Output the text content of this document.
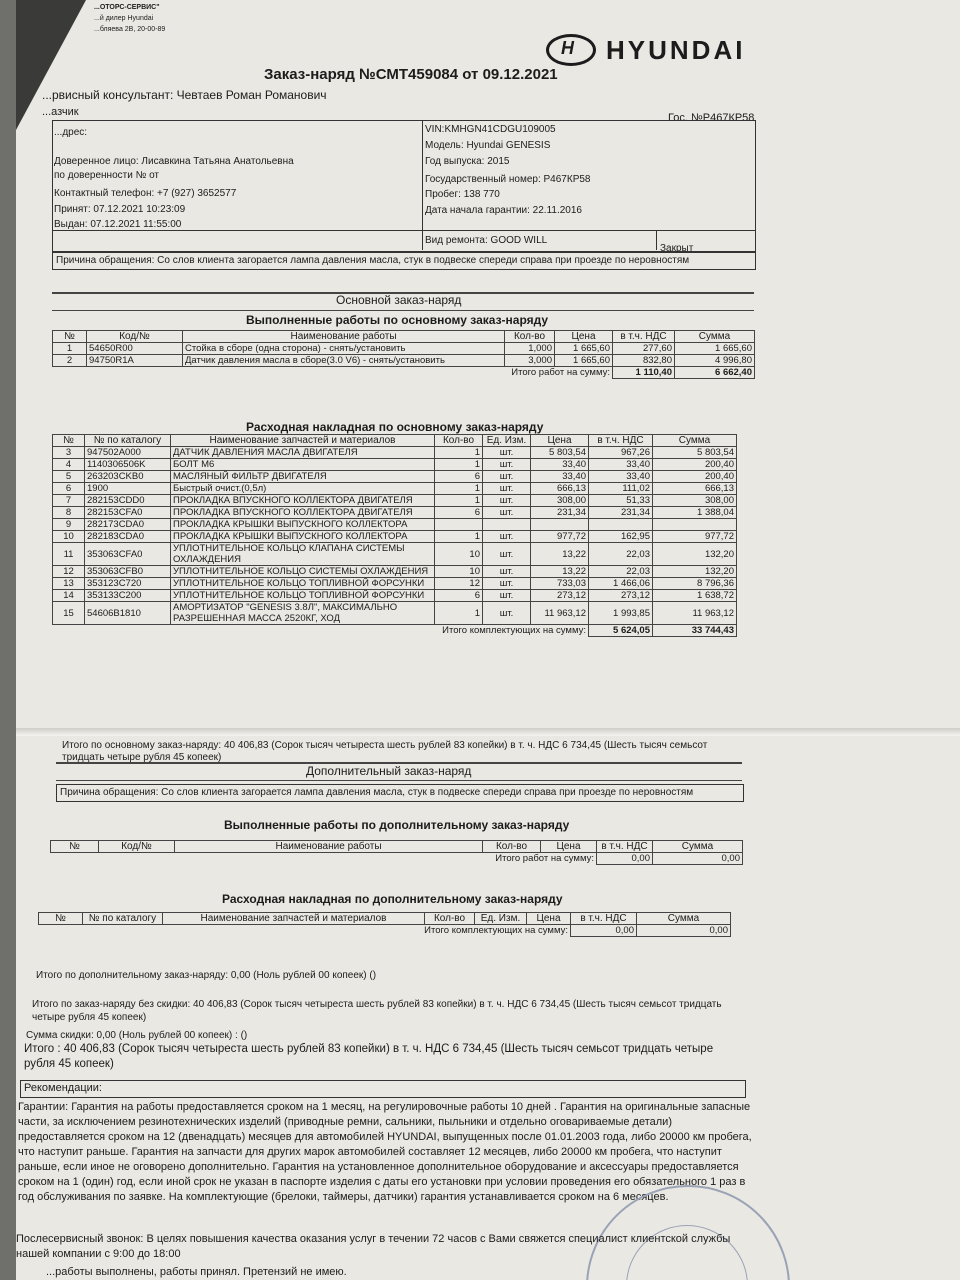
...ОТОРС-СЕРВИС"
...й дилер Hyundai
...бляева 2В, 20-00-89
H
HYUNDAI
Заказ-наряд №СМТ459084 от 09.12.2021
...рвисный консультант: Чевтаев Роман Романович
...азчик	Гос. №Р467КР58
...дрес:
Доверенное лицо: Лисавкина Татьяна Анатольевна
по доверенности № от
Контактный телефон: +7 (927) 3652577
Принят: 07.12.2021 10:23:09
Выдан: 07.12.2021 11:55:00
VIN:KMHGN41CDGU109005
Модель: Hyundai GENESIS
Год выпуска: 2015
Государственный номер: Р467КР58
Пробег: 138 770
Дата начала гарантии: 22.11.2016
Вид ремонта: GOOD WILL
Закрыт
Причина обращения: Со слов клиента загорается лампа давления масла, стук в подвеске спереди справа при проезде по неровностям
Основной заказ-наряд
Выполненные работы по основному заказ-наряду
№	Код/№	Наименование работы	Кол-во	Цена	в т.ч. НДС	Сумма
1	54650R00	Стойка в сборе (одна сторона) - снять/установить	1,000	1 665,60	277,60	1 665,60
2	94750R1A	Датчик давления масла в сборе(3.0 V6) - снять/установить	3,000	1 665,60	832,80	4 996,80
Итого работ на сумму:					1 110,40	6 662,40
Расходная накладная по основному заказ-наряду
№	№ по каталогу	Наименование запчастей и материалов	Кол-во	Ед. Изм.	Цена	в т.ч. НДС	Сумма
3	947502A000	ДАТЧИК ДАВЛЕНИЯ МАСЛА ДВИГАТЕЛЯ	1	шт.	5 803,54	967,26	5 803,54
4	1140306506K	БОЛТ M6	1	шт.	33,40	33,40	200,40
5	263203CKB0	МАСЛЯНЫЙ ФИЛЬТР ДВИГАТЕЛЯ	6	шт.	33,40	33,40	200,40
6	1900	Быстрый очист.(0,5л)	1	шт.	666,13	111,02	666,13
7	282153CDD0	ПРОКЛАДКА ВПУСКНОГО КОЛЛЕКТОРА ДВИГАТЕЛЯ	1	шт.	308,00	51,33	308,00
8	282153CFA0	ПРОКЛАДКА ВПУСКНОГО КОЛЛЕКТОРА ДВИГАТЕЛЯ	6	шт.	231,34	231,34	1 388,04
9	282173CDA0	ПРОКЛАДКА КРЫШКИ ВЫПУСКНОГО КОЛЛЕКТОРА					
10	282183CDA0	ПРОКЛАДКА КРЫШКИ ВЫПУСКНОГО КОЛЛЕКТОРА	1	шт.	977,72	162,95	977,72
11	353063CFA0	УПЛОТНИТЕЛЬНОЕ КОЛЬЦО КЛАПАНА СИСТЕМЫ ОХЛАЖДЕНИЯ	10	шт.	13,22	22,03	132,20
12	353063CFB0	УПЛОТНИТЕЛЬНОЕ КОЛЬЦО СИСТЕМЫ ОХЛАЖДЕНИЯ	10	шт.	13,22	22,03	132,20
13	353123C720	УПЛОТНИТЕЛЬНОЕ КОЛЬЦО ТОПЛИВНОЙ ФОРСУНКИ	12	шт.	733,03	1 466,06	8 796,36
14	353133C200	УПЛОТНИТЕЛЬНОЕ КОЛЬЦО ТОПЛИВНОЙ ФОРСУНКИ	6	шт.	273,12	273,12	1 638,72
15	54606B1810	АМОРТИЗАТОР "GENESIS 3.8Л", МАКСИМАЛЬНО РАЗРЕШЕННАЯ МАССА 2520КГ, ХОД	1	шт.	11 963,12	1 993,85	11 963,12
Итого комплектующих на сумму:						5 624,05	33 744,43
Итого по основному заказ-наряду: 40 406,83 (Сорок тысяч четыреста шесть рублей 83 копейки) в т. ч. НДС 6 734,45 (Шесть тысяч семьсот тридцать четыре рубля 45 копеек)
Дополнительный заказ-наряд
Причина обращения: Со слов клиента загорается лампа давления масла, стук в подвеске спереди справа при проезде по неровностям
Выполненные работы по дополнительному заказ-наряду
№	Код/№	Наименование работы	Кол-во	Цена	в т.ч. НДС	Сумма
Итого работ на сумму:					0,00	0,00
Расходная накладная по дополнительному заказ-наряду
№	№ по каталогу	Наименование запчастей и материалов	Кол-во	Ед. Изм.	Цена	в т.ч. НДС	Сумма
Итого комплектующих на сумму:						0,00	0,00
Итого по дополнительному заказ-наряду: 0,00 (Ноль рублей 00 копеек) ()
Итого по заказ-наряду без скидки: 40 406,83 (Сорок тысяч четыреста шесть рублей 83 копейки) в т. ч. НДС 6 734,45 (Шесть тысяч семьсот тридцать четыре рубля 45 копеек)
Сумма скидки: 0,00 (Ноль рублей 00 копеек) : ()
Итого : 40 406,83 (Сорок тысяч четыреста шесть рублей 83 копейки) в т. ч. НДС 6 734,45 (Шесть тысяч семьсот тридцать четыре рубля 45 копеек)
Рекомендации:
Гарантии: Гарантия на работы предоставляется сроком на 1 месяц, на регулировочные работы 10 дней . Гарантия на оригинальные запасные части, за исключением резинотехнических изделий (приводные ремни, сальники, пыльники и отдельно оговариваемые детали) предоставляется сроком на 12 (двенадцать) месяцев для автомобилей HYUNDAI, выпущенных после 01.01.2003 года, либо 20000 км пробега, что наступит раньше. Гарантия на запчасти для других марок автомобилей составляет 12 месяцев, либо 20000 км пробега, что наступит раньше, если иное не оговорено дополнительно. Гарантия на установленное дополнительное оборудование и аксессуары предоставляется сроком на 1 (один) год, если иной срок не указан в паспорте изделия с даты его установки при условии проведения его обязательного 1 раз в год обслуживания по заявке. На комплектующие (брелоки, таймеры, датчики) гарантия устанавливается сроком на 6 месяцев.
Послесервисный звонок: В целях повышения качества оказания услуг в течении 72 часов с Вами свяжется специалист клиентской службы нашей компании с 9:00 до 18:00
...работы выполнены, работы принял. Претензий не имею.
